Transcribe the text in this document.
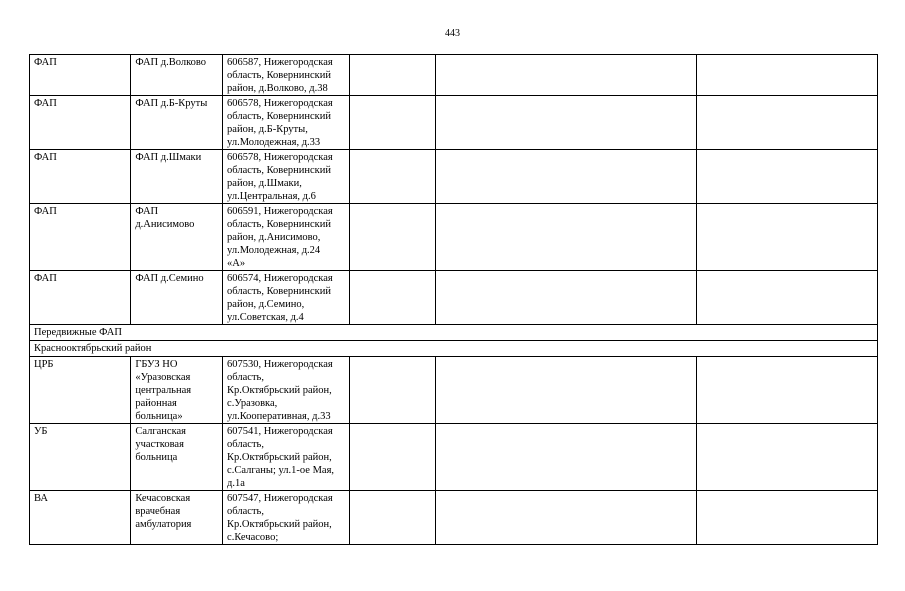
443
ФАП	ФАП д.Волково	606587, Нижегородская
область, Ковернинский
район, д.Волково, д.38			

ФАП	ФАП д.Б-Круты	606578, Нижегородская
область, Ковернинский
район, д.Б-Круты,
ул.Молодежная, д.33			

ФАП	ФАП д.Шмаки	606578, Нижегородская
область, Ковернинский
район, д.Шмаки,
ул.Центральная, д.6			

ФАП	ФАП
д.Анисимово	606591, Нижегородская
область, Ковернинский
район, д.Анисимово,
ул.Молодежная, д.24
«А»			

ФАП	ФАП д.Семино	606574, Нижегородская
область, Ковернинский
район, д.Семино,
ул.Советская, д.4			

Передвижные ФАП					
Краснооктябрьский район					
ЦРБ	ГБУЗ НО
«Уразовская
центральная
районная
больница»	607530, Нижегородская
область,
Кр.Октябрьский район,
с.Уразовка,
ул.Кооперативная, д.33			

УБ	Салганская
участковая
больница	607541, Нижегородская
область,
Кр.Октябрьский район,
с.Салганы; ул.1-ое Мая,
д.1а			

ВА	Кечасовская
врачебная
амбулатория	607547, Нижегородская
область,
Кр.Октябрьский район,
с.Кечасово;			
